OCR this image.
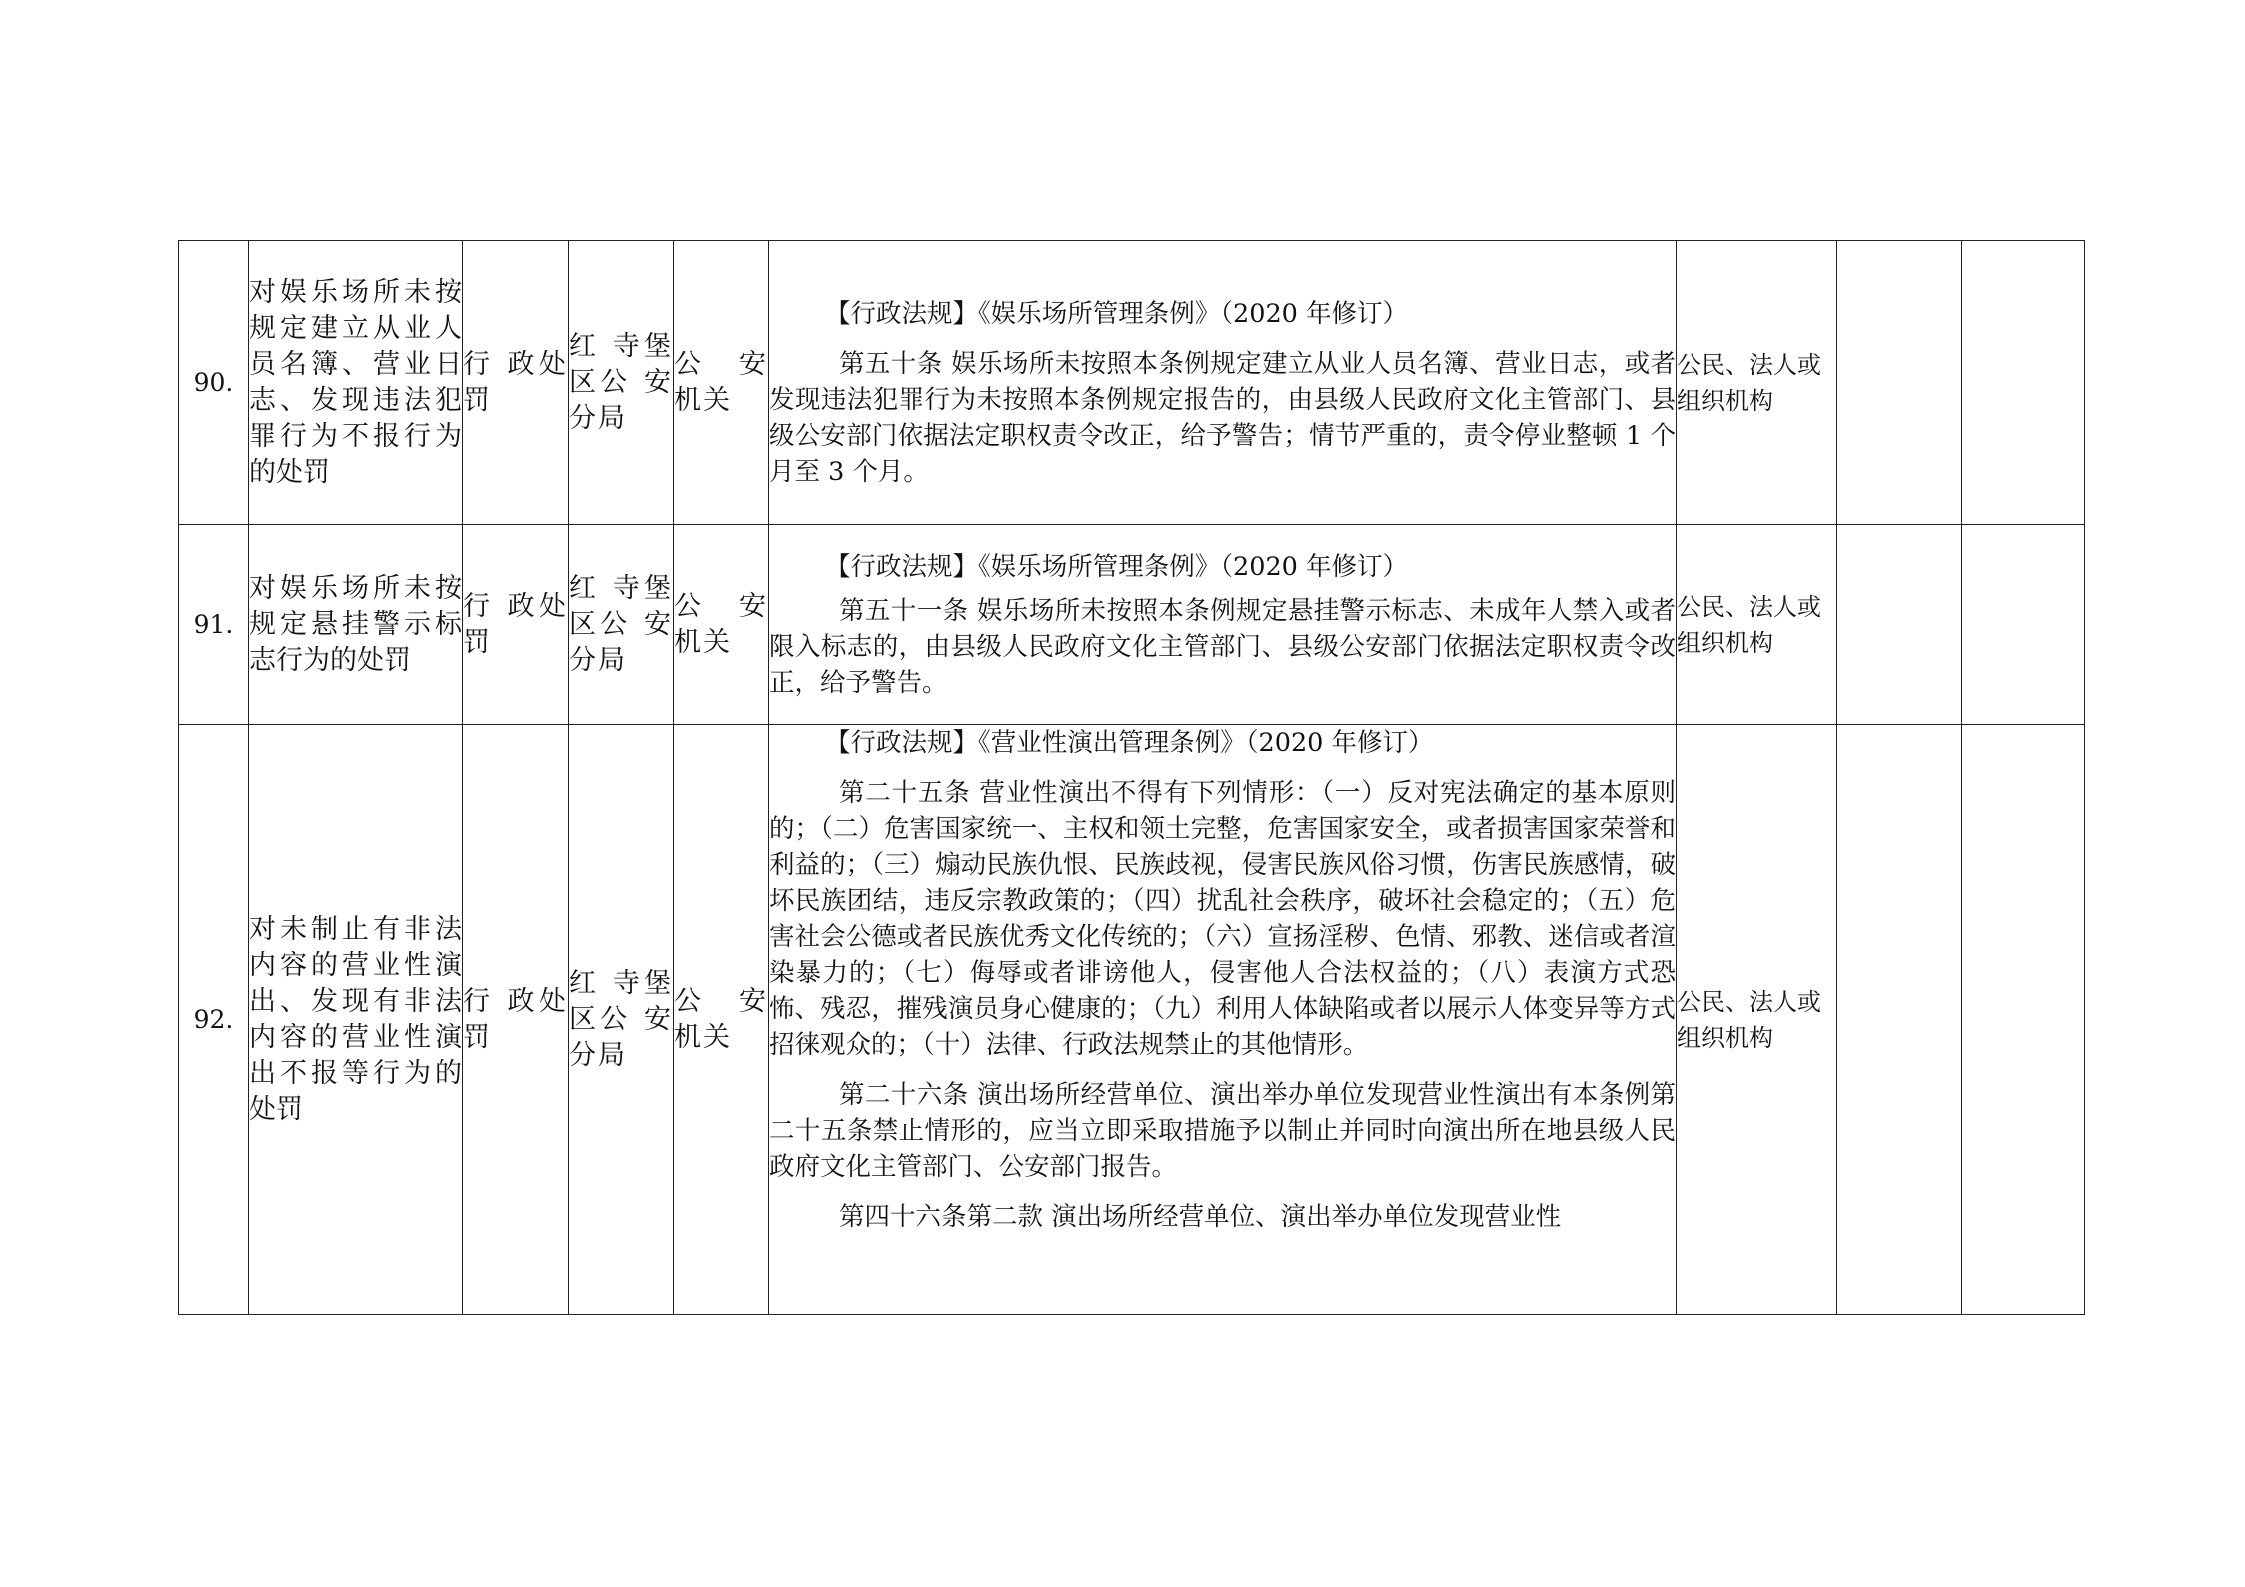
90.	对娱乐场所未按规定建立从业人员名簿、营业日志、发现违法犯罪行为不报行为的处罚	行 政处罚	红 寺堡 区公 安分局	公 安机关	【行政法规】《娱乐场所管理条例》（2020 年修订）

第五十条 娱乐场所未按照本条例规定建立从业人员名簿、营业日志，或者发现违法犯罪行为未按照本条例规定报告的，由县级人民政府文化主管部门、县级公安部门依据法定职权责令改正，给予警告；情节严重的，责令停业整顿 1 个月至 3 个月。	公民、法人或组织机构		
91.	对娱乐场所未按规定悬挂警示标志行为的处罚	行 政处罚	红 寺堡 区公 安分局	公 安机关	【行政法规】《娱乐场所管理条例》（2020 年修订）

第五十一条 娱乐场所未按照本条例规定悬挂警示标志、未成年人禁入或者限入标志的，由县级人民政府文化主管部门、县级公安部门依据法定职权责令改正，给予警告。	公民、法人或组织机构		
92.	对未制止有非法内容的营业性演出、发现有非法内容的营业性演出不报等行为的处罚	行 政处罚	红 寺堡 区公 安分局	公 安机关	【行政法规】《营业性演出管理条例》（2020 年修订）

第二十五条 营业性演出不得有下列情形：（一）反对宪法确定的基本原则的；（二）危害国家统一、主权和领土完整，危害国家安全，或者损害国家荣誉和利益的；（三）煽动民族仇恨、民族歧视，侵害民族风俗习惯，伤害民族感情，破坏民族团结，违反宗教政策的；（四）扰乱社会秩序，破坏社会稳定的；（五）危害社会公德或者民族优秀文化传统的；（六）宣扬淫秽、色情、邪教、迷信或者渲染暴力的；（七）侮辱或者诽谤他人，侵害他人合法权益的；（八）表演方式恐怖、残忍，摧残演员身心健康的；（九）利用人体缺陷或者以展示人体变异等方式招徕观众的；（十）法律、行政法规禁止的其他情形。

第二十六条 演出场所经营单位、演出举办单位发现营业性演出有本条例第二十五条禁止情形的，应当立即采取措施予以制止并同时向演出所在地县级人民政府文化主管部门、公安部门报告。

第四十六条第二款 演出场所经营单位、演出举办单位发现营业性	公民、法人或组织机构		
